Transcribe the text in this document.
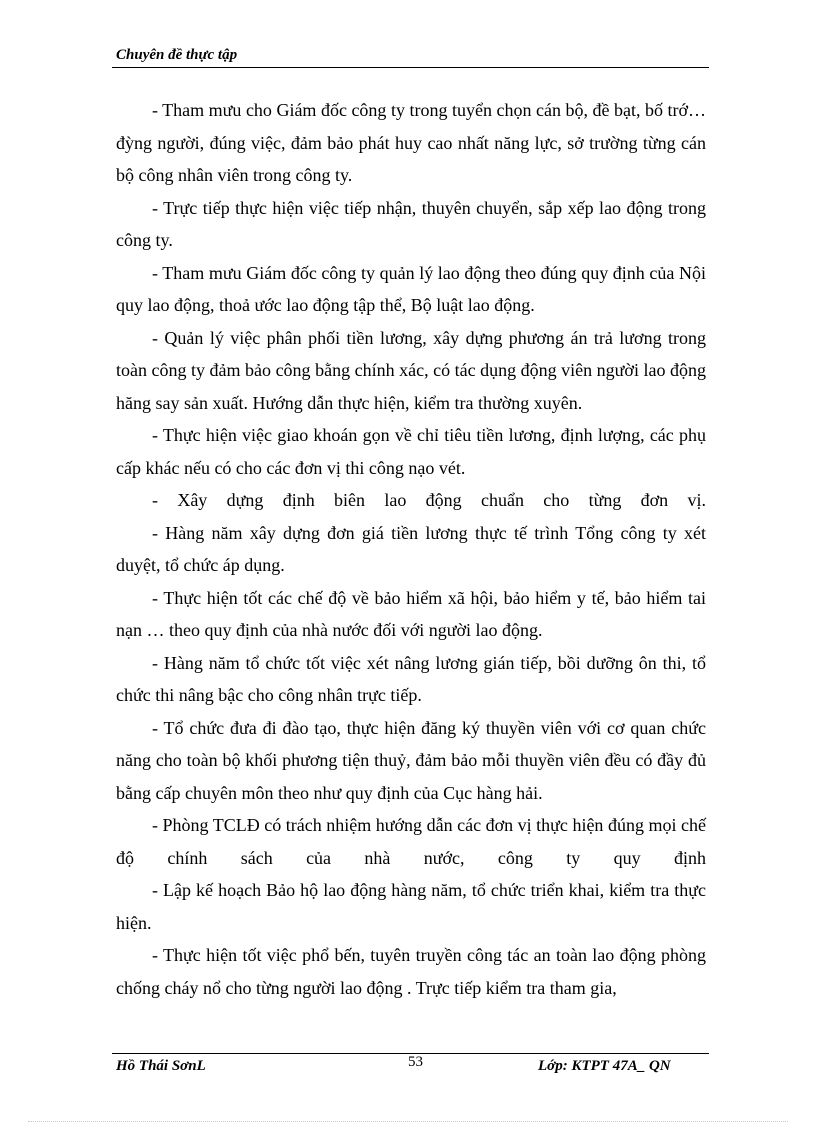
Chuyên đề thực tập

- Tham mưu cho Giám đốc công ty trong tuyển chọn cán bộ, đề bạt, bố trớ…đỳng người, đúng việc, đảm bảo phát huy cao nhất năng lực, sở trường từng cán bộ công nhân viên trong công ty.

- Trực tiếp thực hiện việc tiếp nhận, thuyên chuyển, sắp xếp lao động trong công ty.

- Tham mưu Giám đốc công ty quản lý lao động theo đúng quy định của Nội quy lao động, thoả ước lao động tập thể, Bộ luật lao động.

- Quản lý việc phân phối tiền lương, xây dựng phương án trả lương trong toàn công ty đảm bảo công bằng chính xác, có tác dụng động viên người lao động hăng say sản xuất. Hướng dẫn thực hiện, kiểm tra thường xuyên.

- Thực hiện việc giao khoán gọn về chỉ tiêu tiền lương, định lượng, các phụ cấp khác nếu có cho các đơn vị thi công nạo vét.

- Xây dựng định biên lao động chuẩn cho từng đơn vị.

- Hàng năm xây dựng đơn giá tiền lương thực tế trình Tổng công ty xét duyệt, tổ chức áp dụng.

- Thực hiện tốt các chế độ về bảo hiểm xã hội, bảo hiểm y tế, bảo hiểm tai nạn … theo quy định của nhà nước đối với người lao động.

- Hàng năm tổ chức tốt việc xét nâng lương gián tiếp, bồi dưỡng ôn thi, tổ chức thi nâng bậc cho công nhân trực tiếp.

- Tổ chức đưa đi đào tạo, thực hiện đăng ký thuyền viên với cơ quan chức năng cho toàn bộ khối phương tiện thuỷ, đảm bảo mỗi thuyền viên đều có đầy đủ bằng cấp chuyên môn theo như quy định của Cục hàng hải.

- Phòng TCLĐ có trách nhiệm hướng dẫn các đơn vị thực hiện đúng mọi chế độ chính sách của nhà nước, công ty quy định

- Lập kế hoạch Bảo hộ lao động hàng năm, tổ chức triển khai, kiểm tra thực hiện.

- Thực hiện tốt việc phổ bến, tuyên truyền công tác an toàn lao động phòng chống cháy nổ cho từng người lao động . Trực tiếp kiểm tra tham gia,

Hồ Thái SơnL	53	Lớp: KTPT 47A_ QN
